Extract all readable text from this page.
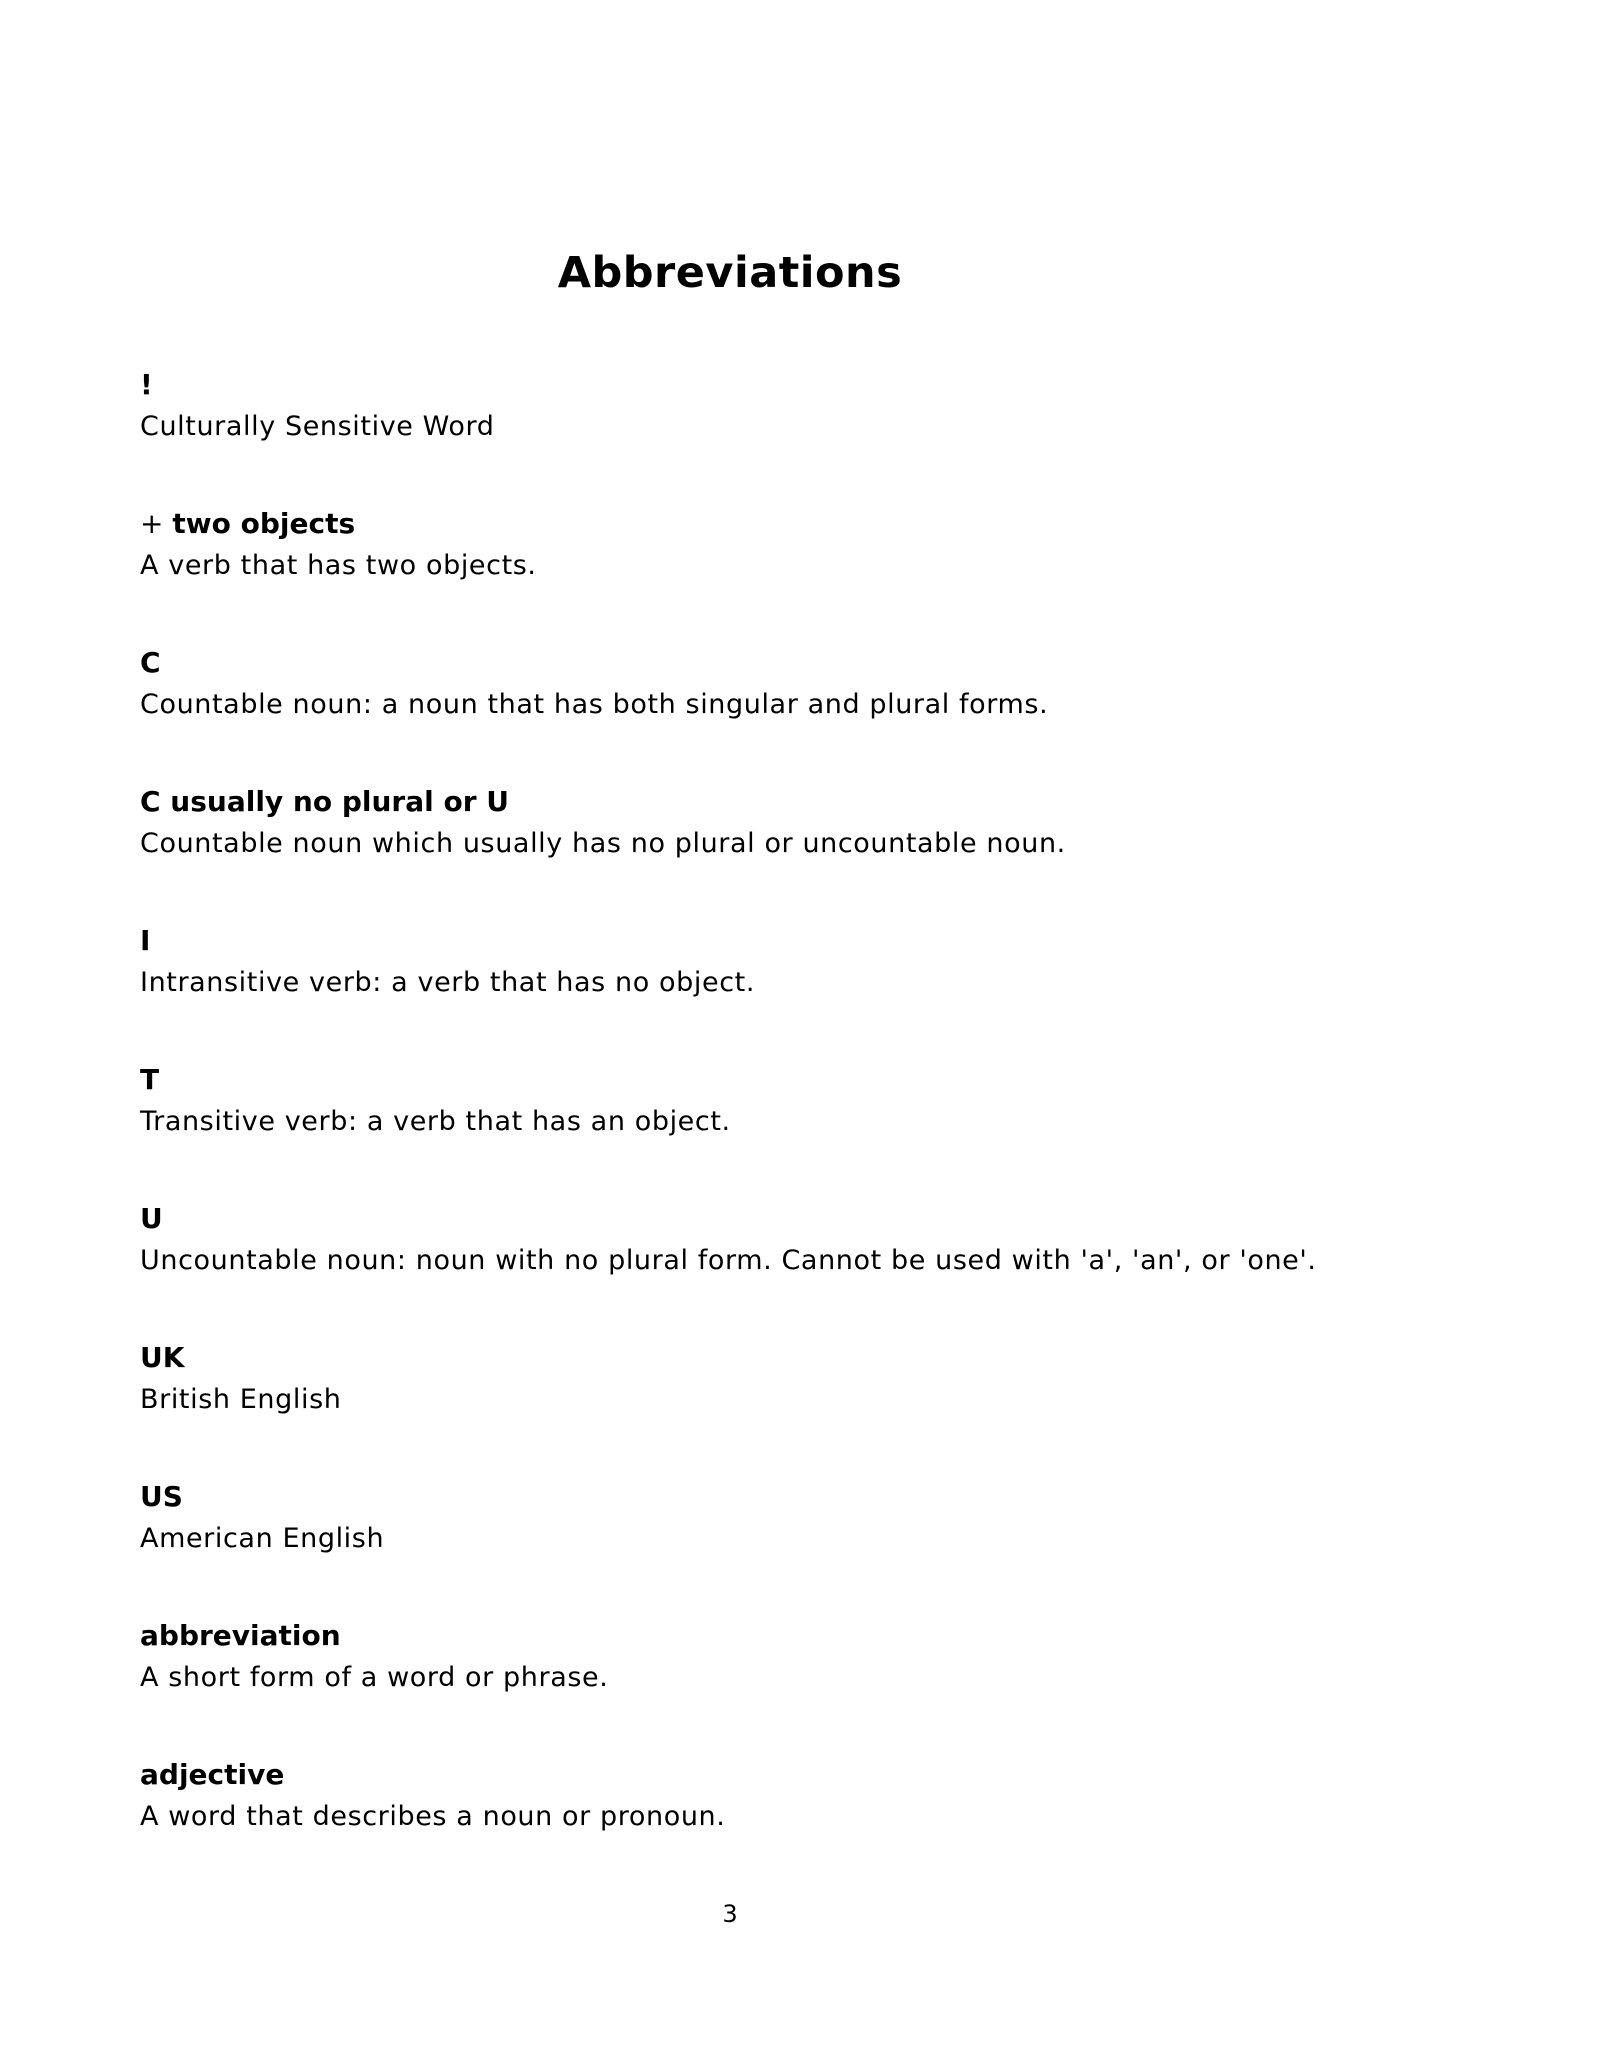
Abbreviations
!
Culturally Sensitive Word
+ two objects
A verb that has two objects.
C
Countable noun: a noun that has both singular and plural forms.
C usually no plural or U
Countable noun which usually has no plural or uncountable noun.
I
Intransitive verb: a verb that has no object.
T
Transitive verb: a verb that has an object.
U
Uncountable noun: noun with no plural form. Cannot be used with 'a', 'an', or 'one'.
UK
British English
US
American English
abbreviation
A short form of a word or phrase.
adjective
A word that describes a noun or pronoun.
3
